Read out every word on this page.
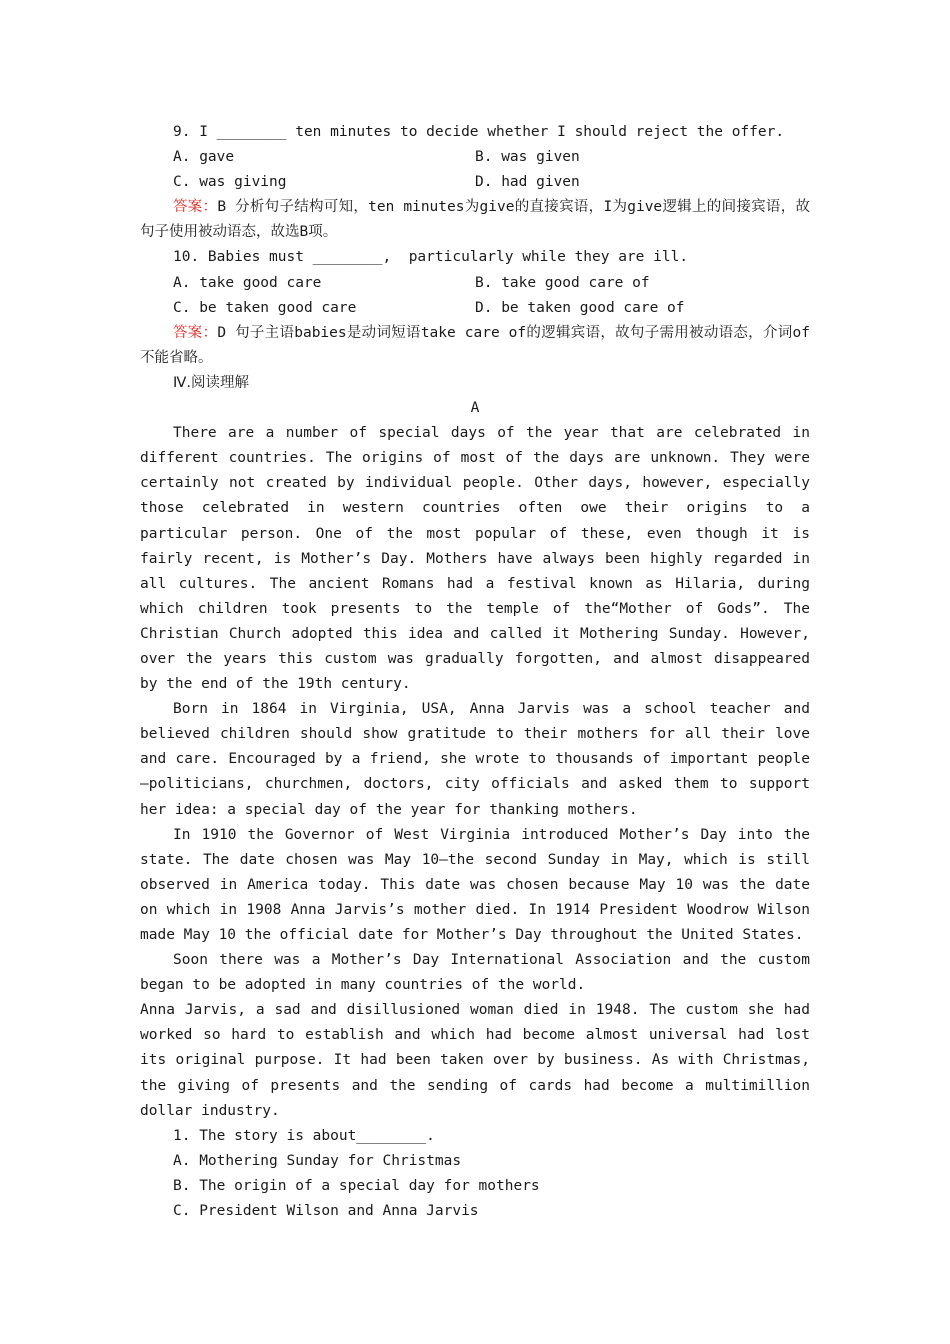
9. I ________ ten minutes to decide whether I should reject the offer.
A. gave	B. was given
C. was giving	D. had given
答案：B 分析句子结构可知，ten minutes为give的直接宾语，I为give逻辑上的间接宾语，故句子使用被动语态，故选B项。
10. Babies must ________,  particularly while they are ill.
A. take good care	B. take good care of
C. be taken good care	D. be taken good care of
答案：D 句子主语babies是动词短语take care of的逻辑宾语，故句子需用被动语态，介词of不能省略。
Ⅳ.阅读理解
A
There are a number of special days of the year that are celebrated in different countries. The origins of most of the days are unknown. They were certainly not created by individual people. Other days, however, especially those celebrated in western countries often owe their origins to a particular person. One of the most popular of these, even though it is fairly recent, is Mother’s Day. Mothers have always been highly regarded in all cultures. The ancient Romans had a festival known as Hilaria, during which children took presents to the temple of the“Mother of Gods”. The Christian Church adopted this idea and called it Mothering Sunday. However, over the years this custom was gradually forgotten, and almost disappeared by the end of the 19th century.
Born in 1864 in Virginia, USA, Anna Jarvis was a school teacher and believed children should show gratitude to their mothers for all their love and care. Encouraged by a friend, she wrote to thousands of important people—politicians, churchmen, doctors, city officials and asked them to support her idea: a special day of the year for thanking mothers.
In 1910 the Governor of West Virginia introduced Mother’s Day into the state. The date chosen was May 10—the second Sunday in May, which is still observed in America today. This date was chosen because May 10 was the date on which in 1908 Anna Jarvis’s mother died. In 1914 President Woodrow Wilson made May 10 the official date for Mother’s Day throughout the United States.
Soon there was a Mother’s Day International Association and the custom began to be adopted in many countries of the world.
Anna Jarvis, a sad and disillusioned woman died in 1948. The custom she had worked so hard to establish and which had become almost universal had lost its original purpose. It had been taken over by business. As with Christmas, the giving of presents and the sending of cards had become a multimillion dollar industry.
1. The story is about________.
A. Mothering Sunday for Christmas
B. The origin of a special day for mothers
C. President Wilson and Anna Jarvis
